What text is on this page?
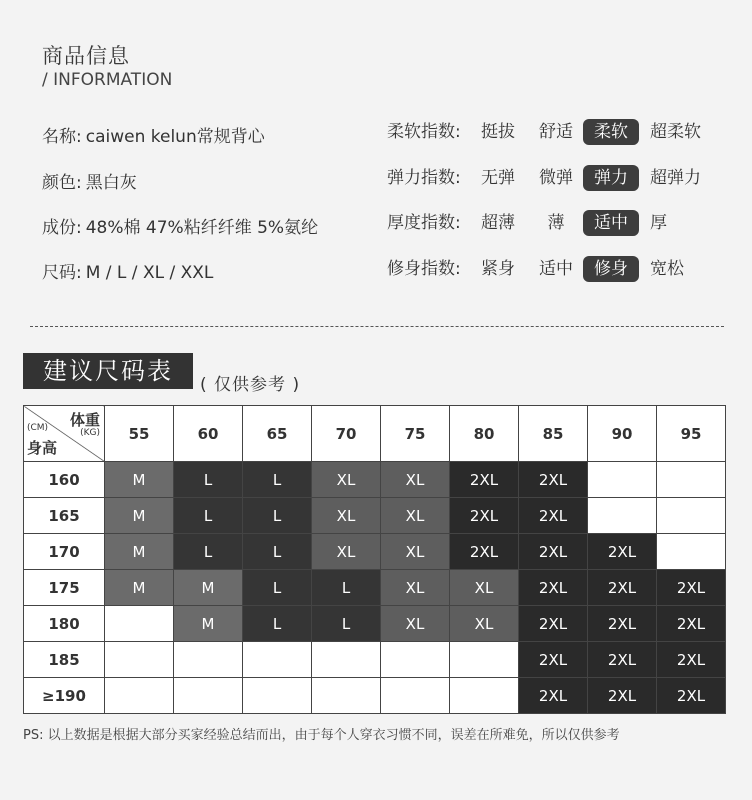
商品信息
/ INFORMATION
名称: caiwen kelun常规背心
颜色: 黑白灰
成份: 48%棉 47%粘纤纤维 5%氨纶
尺码: M / L / XL / XXL
柔软指数:	挺拔	舒适	柔软	超柔软
弹力指数:	无弹	微弹	弹力	超弹力
厚度指数:	超薄	薄	适中	厚
修身指数:	紧身	适中	修身	宽松
建议尺码表	( 仅供参考 )
体重
(KG)
(CM)
身高	55	60	65	70	75	80	85	90	95
160	M	L	L	XL	XL	2XL	2XL		
165	M	L	L	XL	XL	2XL	2XL		
170	M	L	L	XL	XL	2XL	2XL	2XL	
175	M	M	L	L	XL	XL	2XL	2XL	2XL
180		M	L	L	XL	XL	2XL	2XL	2XL
185							2XL	2XL	2XL
≥190							2XL	2XL	2XL
PS: 以上数据是根据大部分买家经验总结而出，由于每个人穿衣习惯不同，误差在所难免，所以仅供参考
